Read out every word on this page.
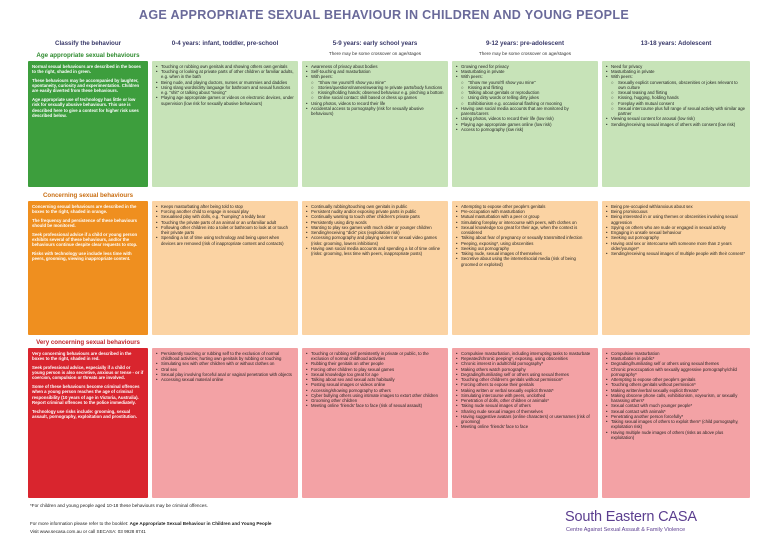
AGE APPROPRIATE SEXUAL BEHAVIOUR IN CHILDREN AND YOUNG PEOPLE
Classify the behaviour	0-4 years: infant, toddler, pre-school	5-9 years: early school years
There may be some crossover on age/stages
9-12 years: pre-adolescent
There may be some crossover on age/stages
13-18 years: Adolescent
Age appropriate sexual behaviours

Normal sexual behaviours are described in the boxes to the right, shaded in green.

These behaviours may be accompanied by laughter, spontaneity, curiosity and experimentation. Children are easily diverted from these behaviours.

Age appropriate use of technology has little or low risk for sexually abusive behaviours. This use is described here to give a context for higher risk uses described below.

• Touching or rubbing own genitals and showing others own genitals
• Touching or looking at private parts of other children or familiar adults, e.g. when in the bath
• Being nude, and playing doctors, nurses or mummies and daddies
• Using slang words/dirty language for bathroom and sexual functions e.g. "shit" or talking about "sexing"
• Playing age appropriate games or videos on electronic devices, under supervision (low risk for sexually abusive behaviours)
• Awareness of privacy about bodies
• Self-touching and masturbation
• With peers:
○ "Show me yours/I'll show you mine"
○ Stories/questions/names/swearing re private parts/body functions
○ Kissing/holding hands; observed behaviour e.g. pinching a bottom
○ Online social contact: skill based or dress up games
• Using photos, videos to record their life
• Accidental access to pornography (risk for sexually abusive behaviours)
• Growing need for privacy
• Masturbating in private
• With peers:
○ "Show me yours/I'll show you mine"
○ Kissing and flirting
○ Talking about genitals or reproduction
○ Using dirty words or telling dirty jokes
○ Exhibitionism e.g. occasional flashing or mooning
• Having own social media accounts that are monitored by parents/carers
• Using photos, videos to record their life (low risk)
• Playing age appropriate games online (low risk)
• Access to pornography (low risk)
• Need for privacy
• Masturbating in private
• With peers:
○ Sexually explicit conversations, obscenities or jokes relevant to own culture
○ Sexual teasing and flirting
○ Kissing, hugging, holding hands
○ Foreplay with mutual consent
○ Sexual intercourse plus full range of sexual activity with similar age partner
• Viewing sexual content for arousal (low risk)
• Sending/receiving sexual images of others with consent (low risk)
Concerning sexual behaviours

Concerning sexual behaviours are described in the boxes to the right, shaded in orange.

The frequency and persistence of these behaviours should be monitored.

Seek professional advice if a child or young person exhibits several of these behaviours, and/or the behaviours continue despite clear requests to stop.

Risks with technology use include less time with peers, grooming, viewing inappropriate content.

• Keeps masturbating after being told to stop
• Forcing another child to engage in sexual play
• Sexualised play with dolls, e.g. "humping" a teddy bear
• Touching the private parts of an animal or an unfamiliar adult
• Following other children into a toilet or bathroom to look at or touch their private parts
• Spending a lot of time using technology and being upset when devices are removed (risk of inappropriate content and contacts)
• Continually rubbing/touching own genitals in public
• Persistent nudity and/or exposing private parts in public
• Continually wanting to touch other children's private parts
• Persistently using dirty words
• Wanting to play sex games with much older or younger children
• Sending/receiving "dick" pics (exploitation risk)
• Accessing pornography and playing violent or sexual video games (risks: grooming, lowers inhibitions)
• Having own social media accounts and spending a lot of time online (risks: grooming, less time with peers, inappropriate posts)
• Attempting to expose other people's genitals
• Pre-occupation with masturbation
• Mutual masturbation with a peer or group
• Simulating foreplay or intercourse with peers, with clothes on
• Sexual knowledge too great for their age, when the context is considered
• Talking about fear of pregnancy or sexually transmitted infection
• Peeping, exposing*, using obscenities
• Seeking out pornography
• Taking nude, sexual images of themselves
• Secretive about using the internet/social media (risk of being groomed or exploited)
• Being pre-occupied with/anxious about sex
• Being promiscuous
• Being interested in or using themes or obscenities involving sexual aggression
• Spying on others who are nude or engaged in sexual activity
• Engaging in unsafe sexual behaviour
• Seeking out pornography
• Having oral sex or intercourse with someone more than 2 years older/younger*
• Sending/receiving sexual images of multiple people with their consent*
Very concerning sexual behaviours

Very concerning behaviours are described in the boxes to the right, shaded in red.

Seek professional advice, especially if a child or young person is also secretive, anxious or tense - or if coercion, compulsion or threats are involved.

Some of these behaviours become criminal offences when a young person reaches the age of criminal responsibility (10 years of age in Victoria, Australia). Report criminal offences to the police immediately.

Technology use risks include: grooming, sexual assault, pornography, exploitation and prostitution.

• Persistently touching or rubbing self to the exclusion of normal childhood activities; hurting own genitals by rubbing or touching
• Simulating sex with other children with or without clothes on
• Oral sex
• Sexual play involving forceful anal or vaginal penetration with objects
• Accessing sexual material online
• Touching or rubbing self persistently in private or public, to the exclusion of normal childhood activities
• Rubbing their genitals on other people
• Forcing other children to play sexual games
• Sexual knowledge too great for age
• Talking about sex and sexual acts habitually
• Posting sexual images or videos online
• Accessing/showing pornography to others
• Cyber bullying others using intimate images to extort other children
• Grooming other children
• Meeting online 'friends' face to face (risk of sexual assault)
• Compulsive masturbation, including interrupting tasks to masturbate
• Repeated/chronic peeping*, exposing, using obscenities
• Chronic interest in adult/child pornography*
• Making others watch pornography
• Degrading/humiliating self or others using sexual themes
• Touching other children's genitals without permission*
• Forcing others to expose their genitals
• Making written or verbal sexually explicit threats*
• Simulating intercourse with peers, unclothed
• Penetration of dolls, other children or animals*
• Taking nude sexual images of others
• Sharing nude sexual images of themselves
• Having suggestive avatars (online characters) or usernames (risk of grooming)
• Meeting online 'friends' face to face
• Compulsive masturbation
• Masturbation in public*
• Degrading/humiliating self or others using sexual themes
• Chronic preoccupation with sexually aggressive pornography/child pornography*
• Attempting to expose other people's genitals
• Touching others genitals without permission*
• Making written/verbal sexually explicit threats*
• Making obscene phone calls, exhibitionism, voyeurism, or sexually harassing others*
• Sexual contact with much younger people*
• Sexual contact with animals*
• Penetrating another person forcefully*
• Taking sexual images of others to exploit them* (child pornography, exploitation risk)
• Having multiple nude images of others (risks as above plus exploitation)
*For children and young people aged 10-18 these behaviours may be criminal offences.
For more information please refer to the booklet: Age Appropriate Sexual Behaviour in Children and Young People
Visit www.secasa.com.au or call SECASA: 03 9928 8741
South Eastern CASA
Centre Against Sexual Assault & Family Violence
